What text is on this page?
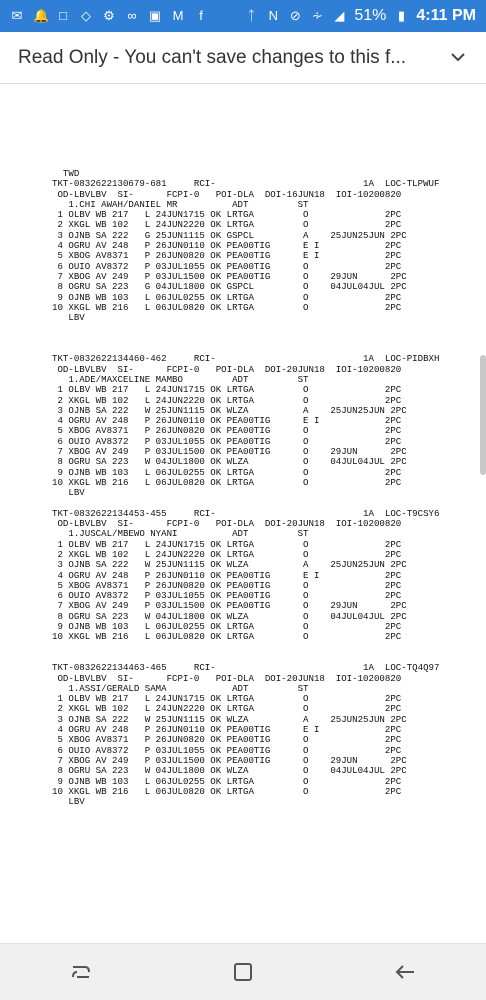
✉ 🔔 □ ◇ ⚙ ∞ ▣ M	f	ᛏ N ⊘ ∻ ◢ 51% ▮ 4:11 PM
Read Only - You can't save changes to this f...
TWD
TKT-0832622130679-681     RCI-                           1A  LOC-TLPWUF
OD-LBVLBV  SI-      FCPI-0   POI-DLA  DOI-16JUN18  IOI-10200820
1.CHI AWAH/DANIEL MR          ADT         ST
1 OLBV WB 217   L 24JUN1715 OK LRTGA         O              2PC
2 XKGL WB 102   L 24JUN2220 OK LRTGA         O              2PC
3 OJNB SA 222   G 25JUN1115 OK GSPCL         A    25JUN25JUN 2PC
4 OGRU AV 248   P 26JUN0110 OK PEA00TIG      E I            2PC
5 XBOG AV8371   P 26JUN0820 OK PEA00TIG      E I            2PC
6 OUIO AV8372   P 03JUL1055 OK PEA00TIG      O              2PC
7 XBOG AV 249   P 03JUL1500 OK PEA00TIG      O    29JUN      2PC
8 OGRU SA 223   G 04JUL1800 OK GSPCL         O    04JUL04JUL 2PC
9 OJNB WB 103   L 06JUL0255 OK LRTGA         O              2PC
10 XKGL WB 216   L 06JUL0820 OK LRTGA         O              2PC
LBV

TKT-0832622134460-462     RCI-                           1A  LOC-PIDBXH
OD-LBVLBV  SI-      FCPI-0   POI-DLA  DOI-20JUN18  IOI-10200820
1.ADE/MAXCELINE MAMBO         ADT         ST
1 OLBV WB 217   L 24JUN1715 OK LRTGA         O              2PC
2 XKGL WB 102   L 24JUN2220 OK LRTGA         O              2PC
3 OJNB SA 222   W 25JUN1115 OK WLZA          A    25JUN25JUN 2PC
4 OGRU AV 248   P 26JUN0110 OK PEA00TIG      E I            2PC
5 XBOG AV8371   P 26JUN0820 OK PEA00TIG      O              2PC
6 OUIO AV8372   P 03JUL1055 OK PEA00TIG      O              2PC
7 XBOG AV 249   P 03JUL1500 OK PEA00TIG      O    29JUN      2PC
8 OGRU SA 223   W 04JUL1800 OK WLZA          O    04JUL04JUL 2PC
9 OJNB WB 103   L 06JUL0255 OK LRTGA         O              2PC
10 XKGL WB 216   L 06JUL0820 OK LRTGA         O              2PC
LBV

TKT-0832622134453-455     RCI-                           1A  LOC-T9CSY6
OD-LBVLBV  SI-      FCPI-0   POI-DLA  DOI-20JUN18  IOI-10200820
1.JUSCAL/MBEWO NYANI          ADT         ST
1 OLBV WB 217   L 24JUN1715 OK LRTGA         O              2PC
2 XKGL WB 102   L 24JUN2220 OK LRTGA         O              2PC
3 OJNB SA 222   W 25JUN1115 OK WLZA          A    25JUN25JUN 2PC
4 OGRU AV 248   P 26JUN0110 OK PEA00TIG      E I            2PC
5 XBOG AV8371   P 26JUN0820 OK PEA00TIG      O              2PC
6 OUIO AV8372   P 03JUL1055 OK PEA00TIG      O              2PC
7 XBOG AV 249   P 03JUL1500 OK PEA00TIG      O    29JUN      2PC
8 OGRU SA 223   W 04JUL1800 OK WLZA          O    04JUL04JUL 2PC
9 OJNB WB 103   L 06JUL0255 OK LRTGA         O              2PC
10 XKGL WB 216   L 06JUL0820 OK LRTGA         O              2PC

TKT-0832622134463-465     RCI-                           1A  LOC-TQ4Q97
OD-LBVLBV  SI-      FCPI-0   POI-DLA  DOI-20JUN18  IOI-10200820
1.ASSI/GERALD SAMA            ADT         ST
1 OLBV WB 217   L 24JUN1715 OK LRTGA         O              2PC
2 XKGL WB 102   L 24JUN2220 OK LRTGA         O              2PC
3 OJNB SA 222   W 25JUN1115 OK WLZA          A    25JUN25JUN 2PC
4 OGRU AV 248   P 26JUN0110 OK PEA00TIG      E I            2PC
5 XBOG AV8371   P 26JUN0820 OK PEA00TIG      O              2PC
6 OUIO AV8372   P 03JUL1055 OK PEA00TIG      O              2PC
7 XBOG AV 249   P 03JUL1500 OK PEA00TIG      O    29JUN      2PC
8 OGRU SA 223   W 04JUL1800 OK WLZA          O    04JUL04JUL 2PC
9 OJNB WB 103   L 06JUL0255 OK LRTGA         O              2PC
10 XKGL WB 216   L 06JUL0820 OK LRTGA         O              2PC
LBV
